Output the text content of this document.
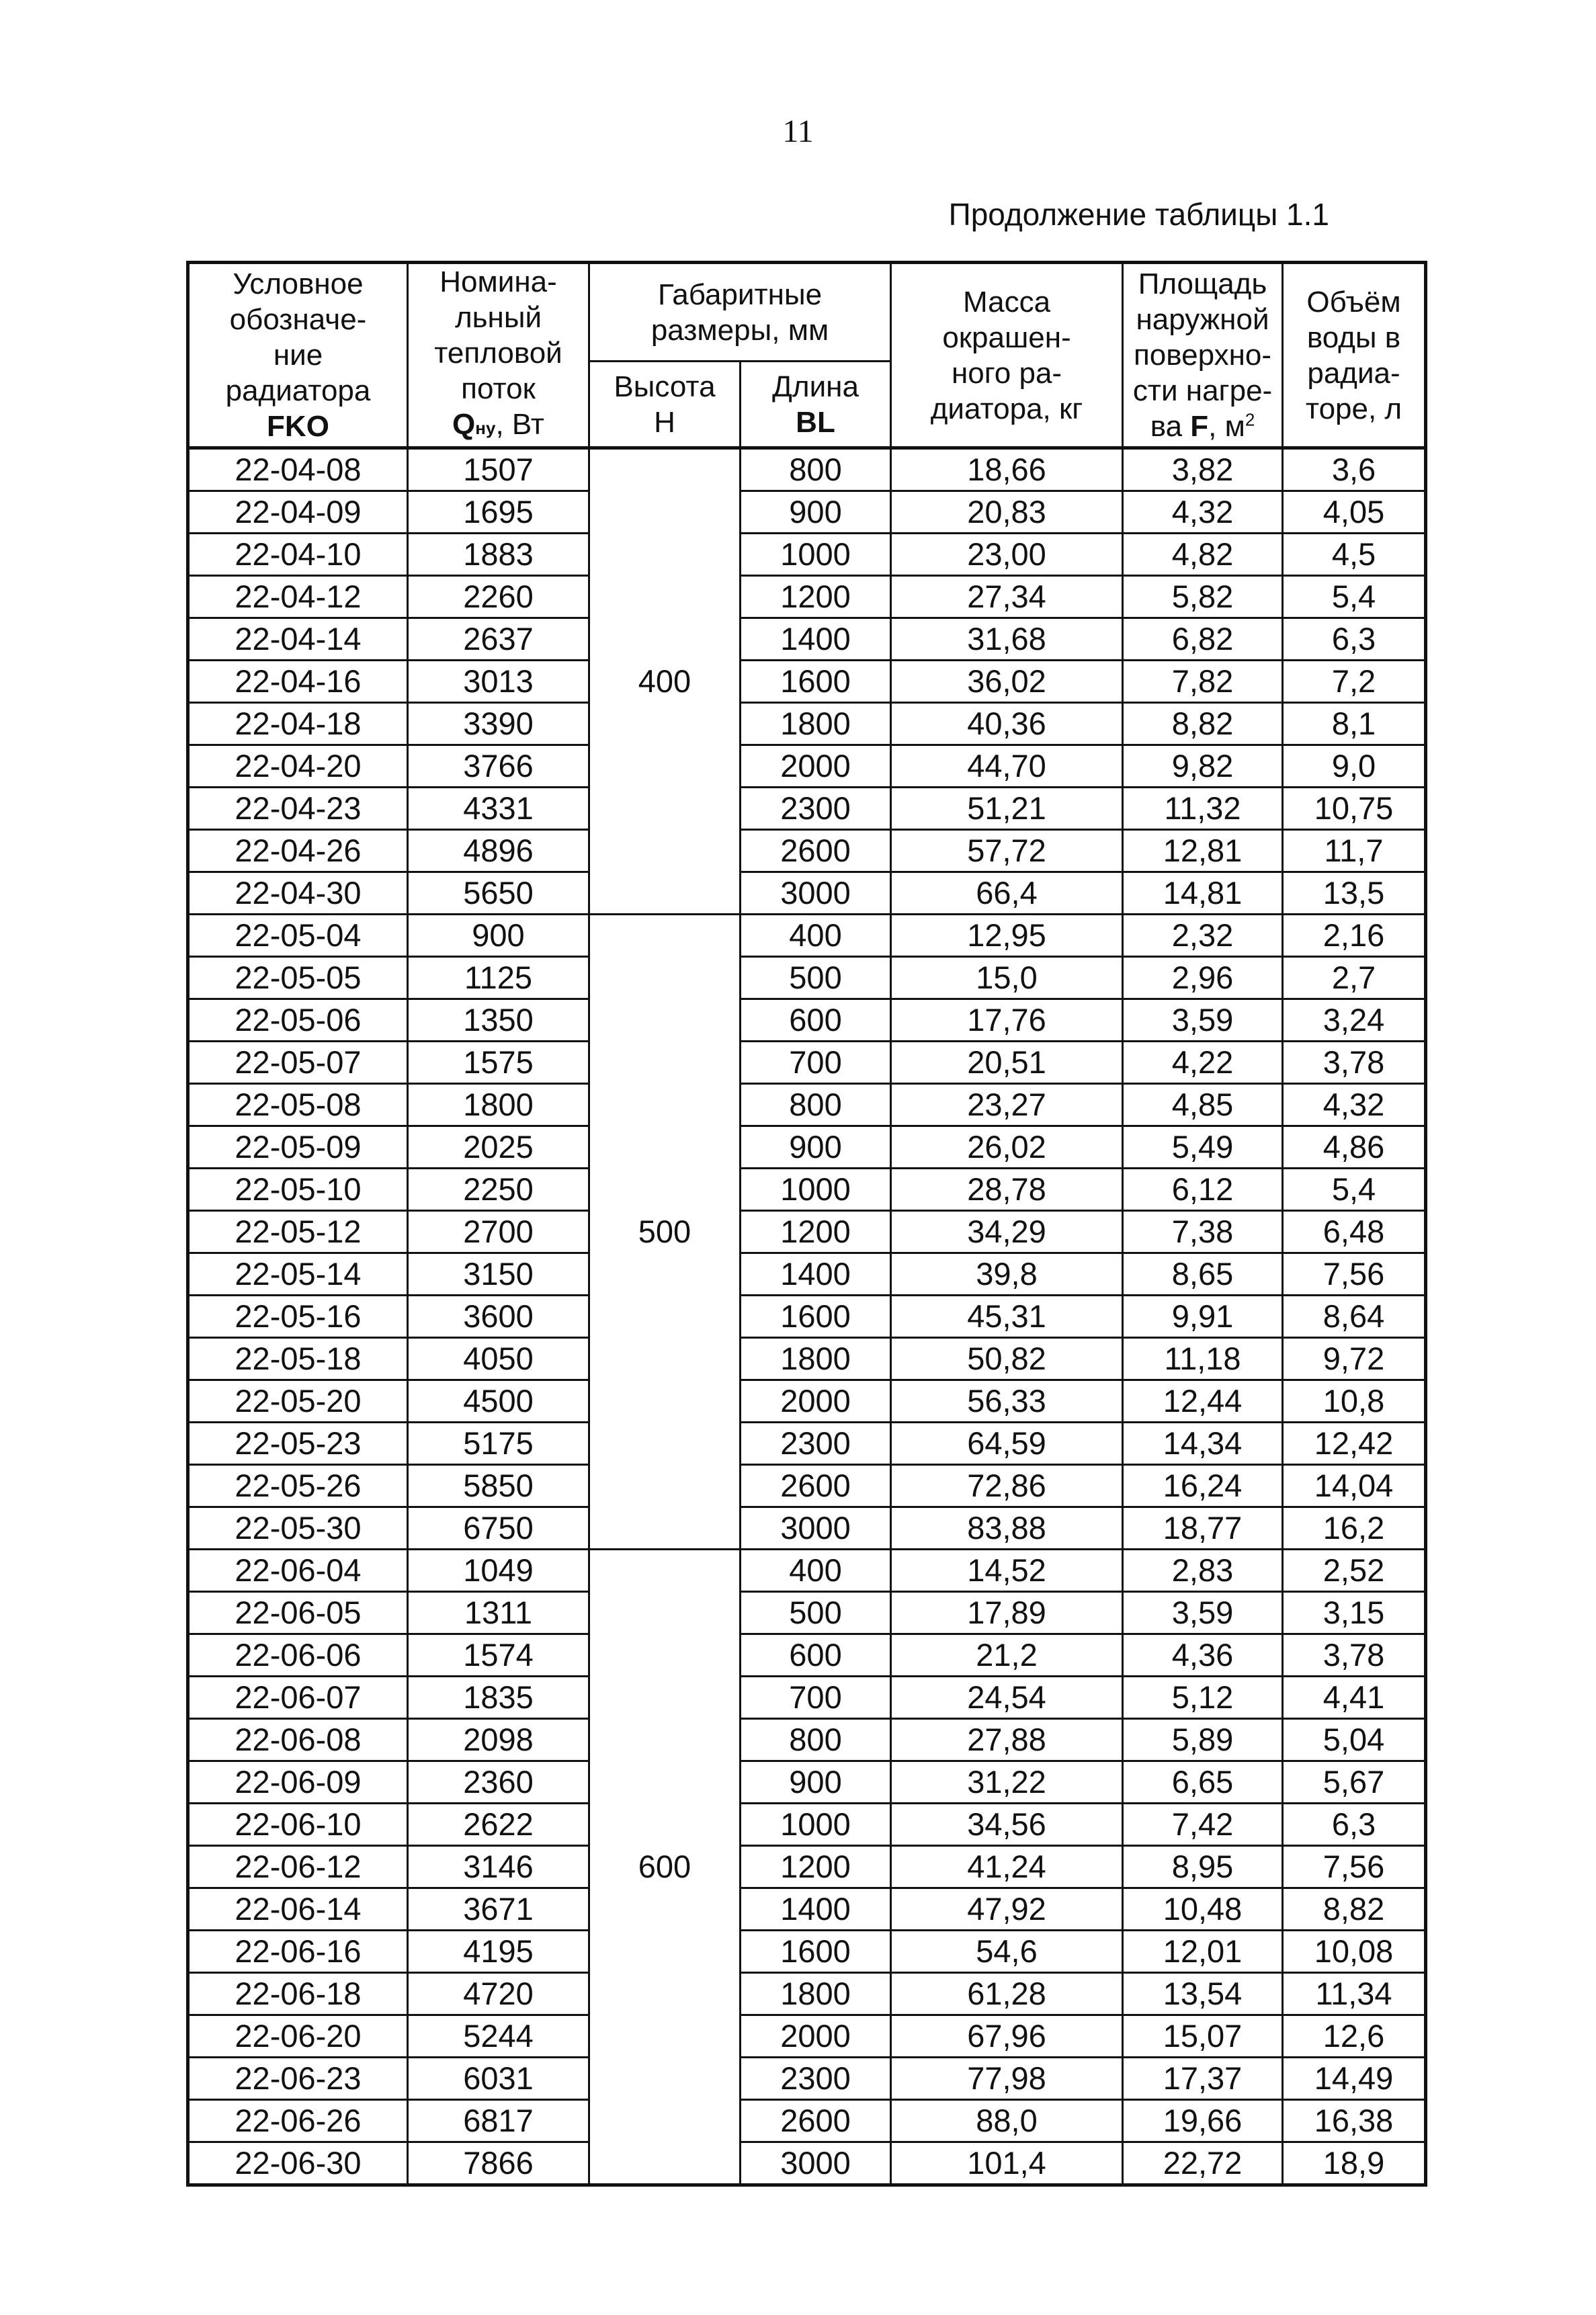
11
Продолжение таблицы 1.1
Условное
обозначе-
ние
радиатора
FKO	Номина-
льный
тепловой
поток
Qну, Вт	Габаритные
размеры, мм		Масса
окрашен-
ного ра-
диатора, кг	Площадь
наружной
поверхно-
сти нагре-
ва F, $м^2$	Объём
воды в
радиа-
торе, л
		Высота
H	Длина
BL			
22-04-08	1507	400	800	18,66	3,82	3,6
22-04-09	1695		900	20,83	4,32	4,05
22-04-10	1883		1000	23,00	4,82	4,5
22-04-12	2260		1200	27,34	5,82	5,4
22-04-14	2637		1400	31,68	6,82	6,3
22-04-16	3013		1600	36,02	7,82	7,2
22-04-18	3390		1800	40,36	8,82	8,1
22-04-20	3766		2000	44,70	9,82	9,0
22-04-23	4331		2300	51,21	11,32	10,75
22-04-26	4896		2600	57,72	12,81	11,7
22-04-30	5650		3000	66,4	14,81	13,5
22-05-04	900	500	400	12,95	2,32	2,16
22-05-05	1125		500	15,0	2,96	2,7
22-05-06	1350		600	17,76	3,59	3,24
22-05-07	1575		700	20,51	4,22	3,78
22-05-08	1800		800	23,27	4,85	4,32
22-05-09	2025		900	26,02	5,49	4,86
22-05-10	2250		1000	28,78	6,12	5,4
22-05-12	2700		1200	34,29	7,38	6,48
22-05-14	3150		1400	39,8	8,65	7,56
22-05-16	3600		1600	45,31	9,91	8,64
22-05-18	4050		1800	50,82	11,18	9,72
22-05-20	4500		2000	56,33	12,44	10,8
22-05-23	5175		2300	64,59	14,34	12,42
22-05-26	5850		2600	72,86	16,24	14,04
22-05-30	6750		3000	83,88	18,77	16,2
22-06-04	1049	600	400	14,52	2,83	2,52
22-06-05	1311		500	17,89	3,59	3,15
22-06-06	1574		600	21,2	4,36	3,78
22-06-07	1835		700	24,54	5,12	4,41
22-06-08	2098		800	27,88	5,89	5,04
22-06-09	2360		900	31,22	6,65	5,67
22-06-10	2622		1000	34,56	7,42	6,3
22-06-12	3146		1200	41,24	8,95	7,56
22-06-14	3671		1400	47,92	10,48	8,82
22-06-16	4195		1600	54,6	12,01	10,08
22-06-18	4720		1800	61,28	13,54	11,34
22-06-20	5244		2000	67,96	15,07	12,6
22-06-23	6031		2300	77,98	17,37	14,49
22-06-26	6817		2600	88,0	19,66	16,38
22-06-30	7866		3000	101,4	22,72	18,9
